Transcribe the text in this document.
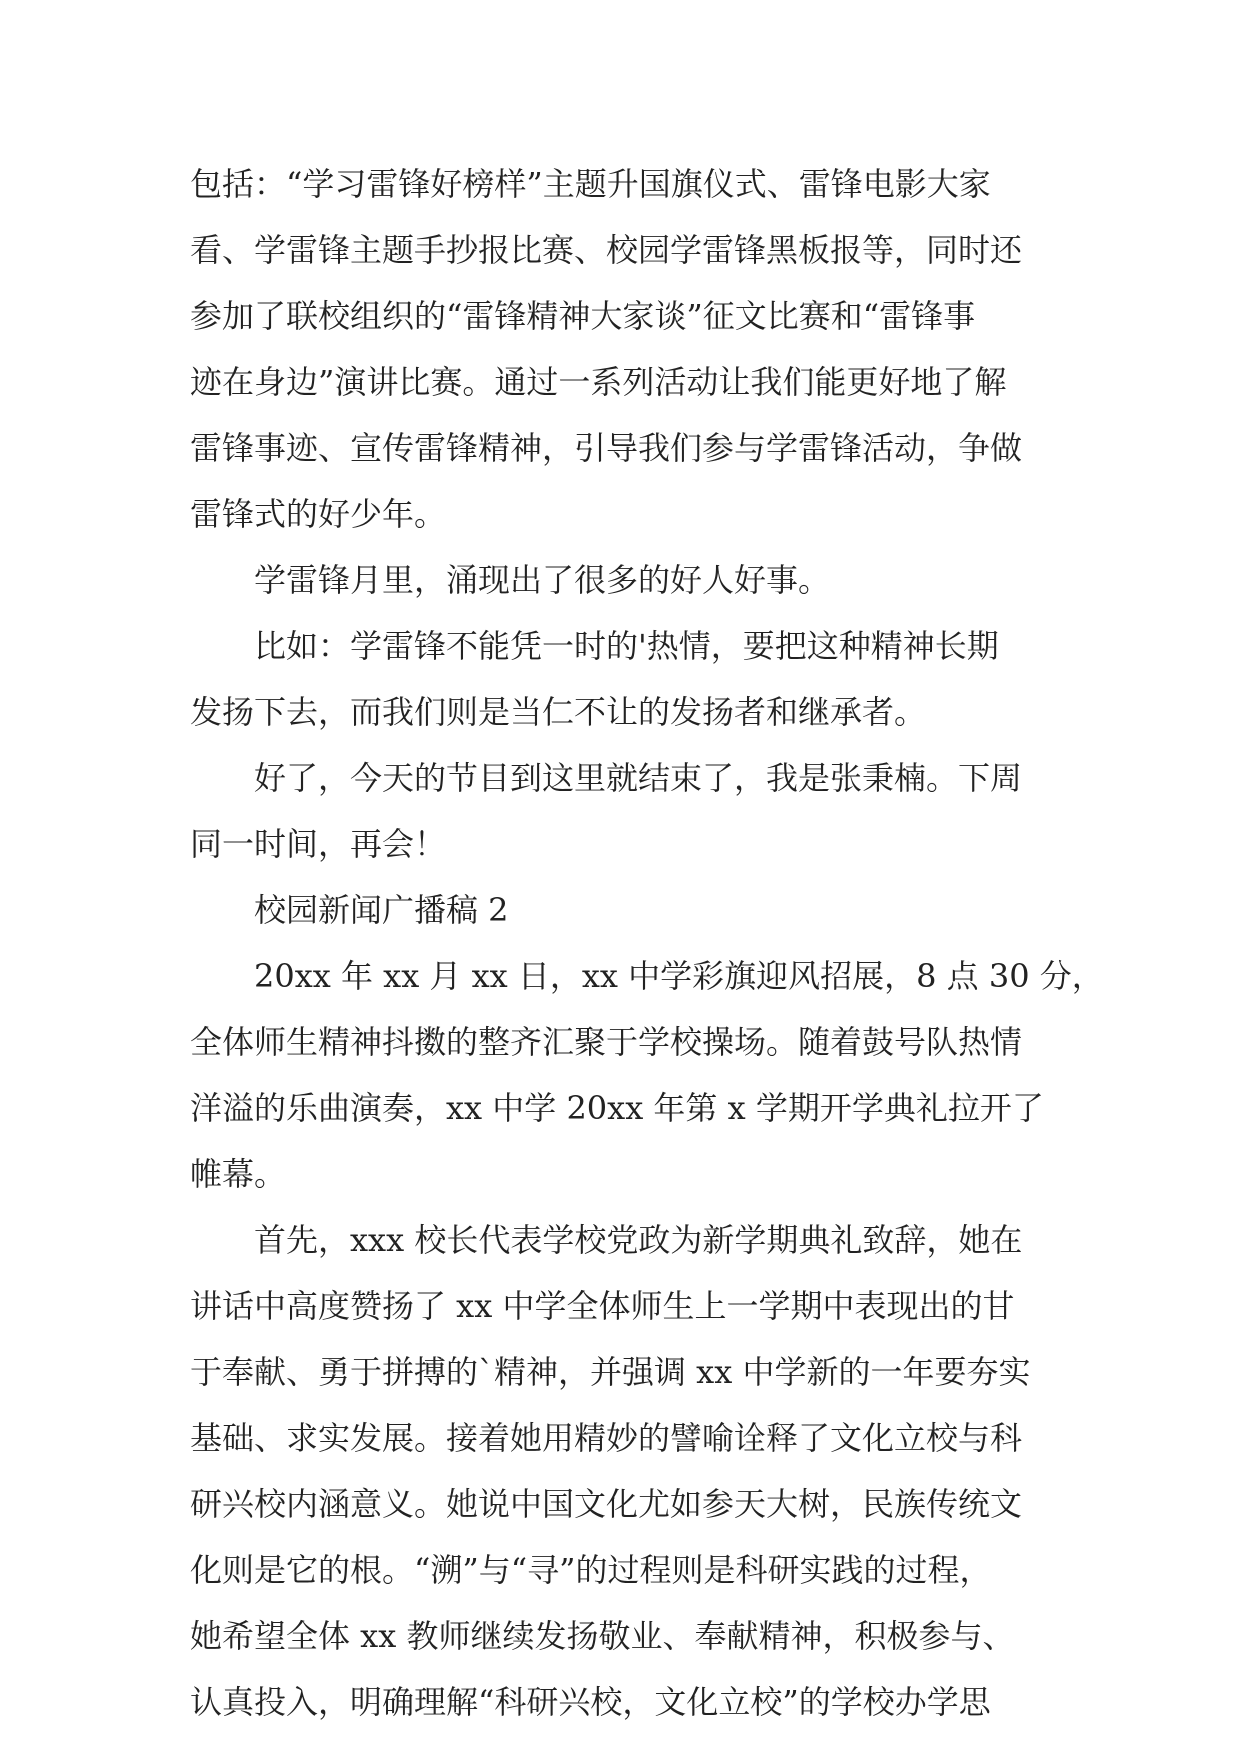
包括：“学习雷锋好榜样”主题升国旗仪式、雷锋电影大家

看、学雷锋主题手抄报比赛、校园学雷锋黑板报等，同时还

参加了联校组织的“雷锋精神大家谈”征文比赛和“雷锋事

迹在身边”演讲比赛。通过一系列活动让我们能更好地了解

雷锋事迹、宣传雷锋精神，引导我们参与学雷锋活动，争做

雷锋式的好少年。

学雷锋月里，涌现出了很多的好人好事。

比如：学雷锋不能凭一时的'热情，要把这种精神长期

发扬下去，而我们则是当仁不让的发扬者和继承者。

好了，今天的节目到这里就结束了，我是张秉楠。下周

同一时间，再会！

校园新闻广播稿 2

20xx 年 xx 月 xx 日，xx 中学彩旗迎风招展，8 点 30 分，

全体师生精神抖擞的整齐汇聚于学校操场。随着鼓号队热情

洋溢的乐曲演奏，xx 中学 20xx 年第 x 学期开学典礼拉开了

帷幕。

首先，xxx 校长代表学校党政为新学期典礼致辞，她在

讲话中高度赞扬了 xx 中学全体师生上一学期中表现出的甘

于奉献、勇于拼搏的`精神，并强调 xx 中学新的一年要夯实

基础、求实发展。接着她用精妙的譬喻诠释了文化立校与科

研兴校内涵意义。她说中国文化尤如参天大树，民族传统文

化则是它的根。“溯”与“寻”的过程则是科研实践的过程，

她希望全体 xx 教师继续发扬敬业、奉献精神，积极参与、

认真投入，明确理解“科研兴校，文化立校”的学校办学思
